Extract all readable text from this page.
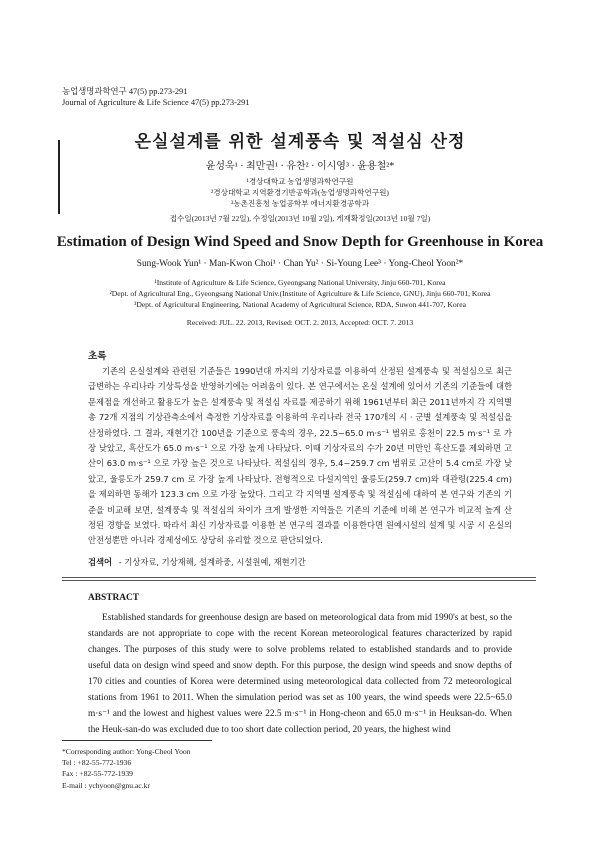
농업생명과학연구 47(5) pp.273-291
Journal of Agriculture & Life Science 47(5) pp.273-291
온실설계를 위한 설계풍속 및 적설심 산정
윤성욱¹ · 최만권¹ · 유찬² · 이시영³ · 윤용철²*
¹경상대학교 농업생명과학연구원
²경상대학교 지역환경기반공학과(농업생명과학연구원)
³농촌진흥청 농업공학부 에너지환경공학과
접수일(2013년 7월 22일), 수정일(2013년 10월 2일), 게재확정일(2013년 10월 7일)
Estimation of Design Wind Speed and Snow Depth for Greenhouse in Korea
Sung-Wook Yun¹ · Man-Kwon Choi¹ · Chan Yu² · Si-Young Lee³ · Yong-Cheol Yoon²*
¹Institute of Agriculture & Life Science, Gyeongsang National University, Jinju 660-701, Korea
²Dept. of Agricultural Eng., Gyeongsang National Univ.(Institute of Agriculture & Life Science, GNU), Jinju 660-701, Korea
³Dept. of Agricultural Engineering, National Academy of Agricultural Science, RDA, Suwon 441-707, Korea
Received: JUL. 22. 2013, Revised: OCT. 2. 2013, Accepted: OCT. 7. 2013
초록
기존의 온실설계와 관련된 기준들은 1990년대 까지의 기상자료를 이용하여 산정된 설계풍속 및 적설심으로 최근 급변하는 우리나라 기상특성을 반영하기에는 어려움이 있다. 본 연구에서는 온실 설계에 있어서 기존의 기준들에 대한 문제점을 개선하고 활용도가 높은 설계풍속 및 적설심 자료를 제공하기 위해 1961년부터 최근 2011년까지 각 지역별 총 72개 지점의 기상관측소에서 측정한 기상자료를 이용하여 우리나라 전국 170개의 시 · 군별 설계풍속 및 적설심을 산정하였다. 그 결과, 재현기간 100년을 기준으로 풍속의 경우, 22.5~65.0 m·s⁻¹ 범위로 홍천이 22.5 m·s⁻¹ 로 가장 낮았고, 흑산도가 65.0 m·s⁻¹ 으로 가장 높게 나타났다. 이때 기상자료의 수가 20년 미만인 흑산도를 제외하면 고산이 63.0 m·s⁻¹ 으로 가장 높은 것으로 나타났다. 적설심의 경우, 5.4~259.7 cm 범위로 고산이 5.4 cm로 가장 낮았고, 울릉도가 259.7 cm 로 가장 높게 나타났다. 전형적으로 다설지역인 울릉도(259.7 cm)와 대관령(225.4 cm)을 제외하면 동해가 123.3 cm 으로 가장 높았다. 그리고 각 지역별 설계풍속 및 적설심에 대하여 본 연구와 기존의 기준을 비교해 보면, 설계풍속 및 적설심의 차이가 크게 발생한 지역들은 기존의 기준에 비해 본 연구가 비교적 높게 산정된 경향을 보였다. 따라서 최신 기상자료를 이용한 본 연구의 결과를 이용한다면 원예시설의 설계 및 시공 시 온실의 안전성뿐만 아니라 경제성에도 상당히 유리할 것으로 판단되었다.
검색어 - 기상자료, 기상재해, 설계하중, 시설원예, 재현기간
ABSTRACT
Established standards for greenhouse design are based on meteorological data from mid 1990's at best, so the standards are not appropriate to cope with the recent Korean meteorological features characterized by rapid changes. The purposes of this study were to solve problems related to established standards and to provide useful data on design wind speed and snow depth. For this purpose, the design wind speeds and snow depths of 170 cities and counties of Korea were determined using meteorological data collected from 72 meteorological stations from 1961 to 2011. When the simulation period was set as 100 years, the wind speeds were 22.5~65.0 m·s⁻¹ and the lowest and highest values were 22.5 m·s⁻¹ in Hong-cheon and 65.0 m·s⁻¹ in Heuksan-do. When the Heuk-san-do was excluded due to too short date collection period, 20 years, the highest wind
*Corresponding author: Yong-Cheol Yoon
Tel : +82-55-772-1936
Fax : +82-55-772-1939
E-mail : ychyoon@gnu.ac.kr
